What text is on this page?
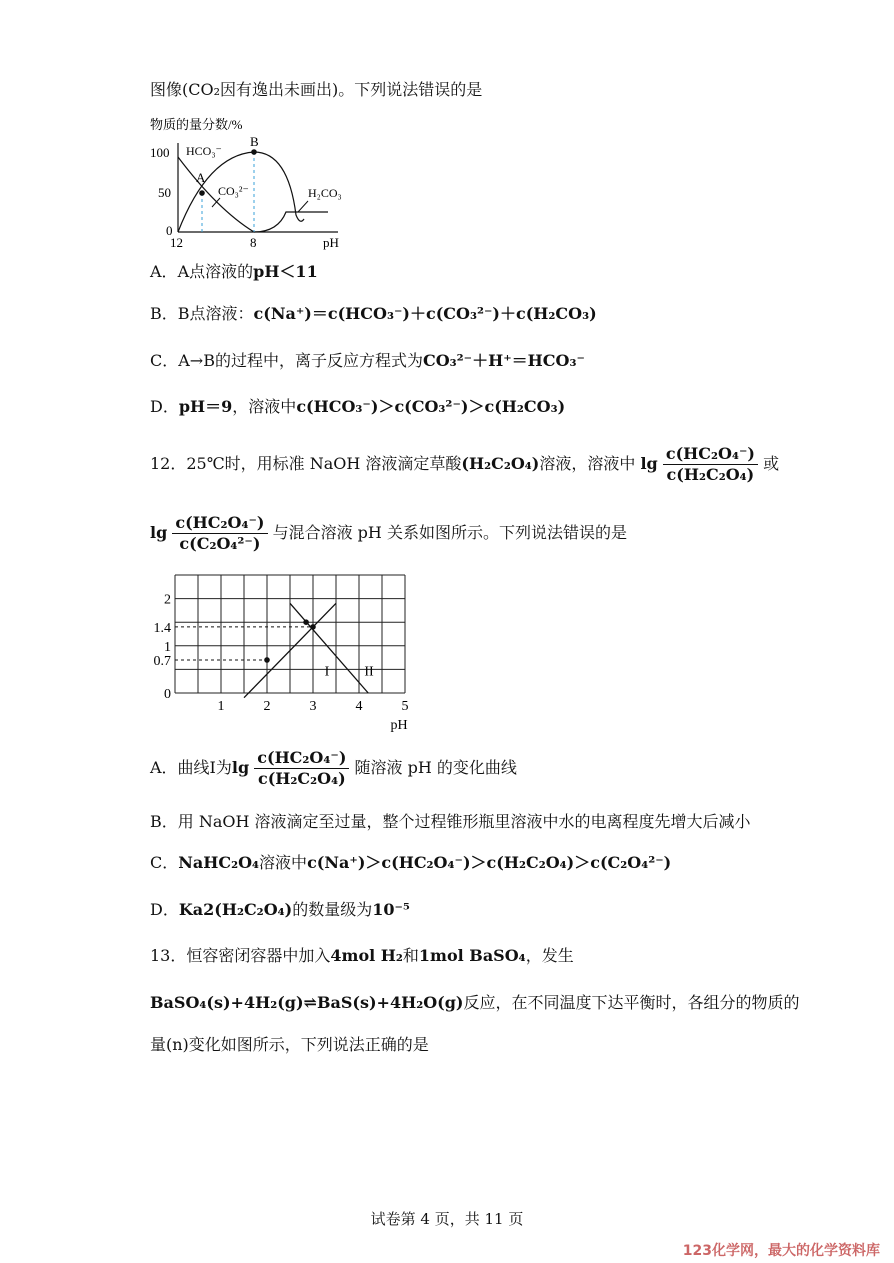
图像(CO₂因有逸出未画出)。下列说法错误的是
物质的量分数/%
100
50
0
12	8	pH
A
B
HCO₃⁻
CO₃²⁻	H₂CO₃
A．A点溶液的pH＜11
B．B点溶液：c(Na⁺)＝c(HCO₃⁻)＋c(CO₃²⁻)＋c(H₂CO₃)
C．A→B的过程中，离子反应方程式为CO₃²⁻＋H⁺＝HCO₃⁻
D．pH＝9，溶液中c(HCO₃⁻)＞c(CO₃²⁻)＞c(H₂CO₃)
12．25℃时，用标准 NaOH 溶液滴定草酸(H₂C₂O₄)溶液，溶液中 $\lg \frac{\text{c(HC₂O₄⁻)}}{\text{c(H₂C₂O₄)}}$ 或
$\lg \frac{\text{c(HC₂O₄⁻)}}{\text{c(C₂O₄²⁻)}}$ 与混合溶液 pH 关系如图所示。下列说法错误的是
I	II
2
1.4
1
0.7
0
1	2	3	4	5
pH
A．曲线I为$\lg \frac{\text{c(HC₂O₄⁻)}}{\text{c(H₂C₂O₄)}}$ 随溶液 pH 的变化曲线
B．用 NaOH 溶液滴定至过量，整个过程锥形瓶里溶液中水的电离程度先增大后减小
C．NaHC₂O₄溶液中c(Na⁺)＞c(HC₂O₄⁻)＞c(H₂C₂O₄)＞c(C₂O₄²⁻)
D．Ka2(H₂C₂O₄)的数量级为10⁻⁵
13．恒容密闭容器中加入4mol H₂和1mol BaSO₄，发生
BaSO₄(s)+4H₂(g)⇌BaS(s)+4H₂O(g)反应，在不同温度下达平衡时，各组分的物质的
量(n)变化如图所示，下列说法正确的是
试卷第 4 页，共 11 页
123化学网，最大的化学资料库
